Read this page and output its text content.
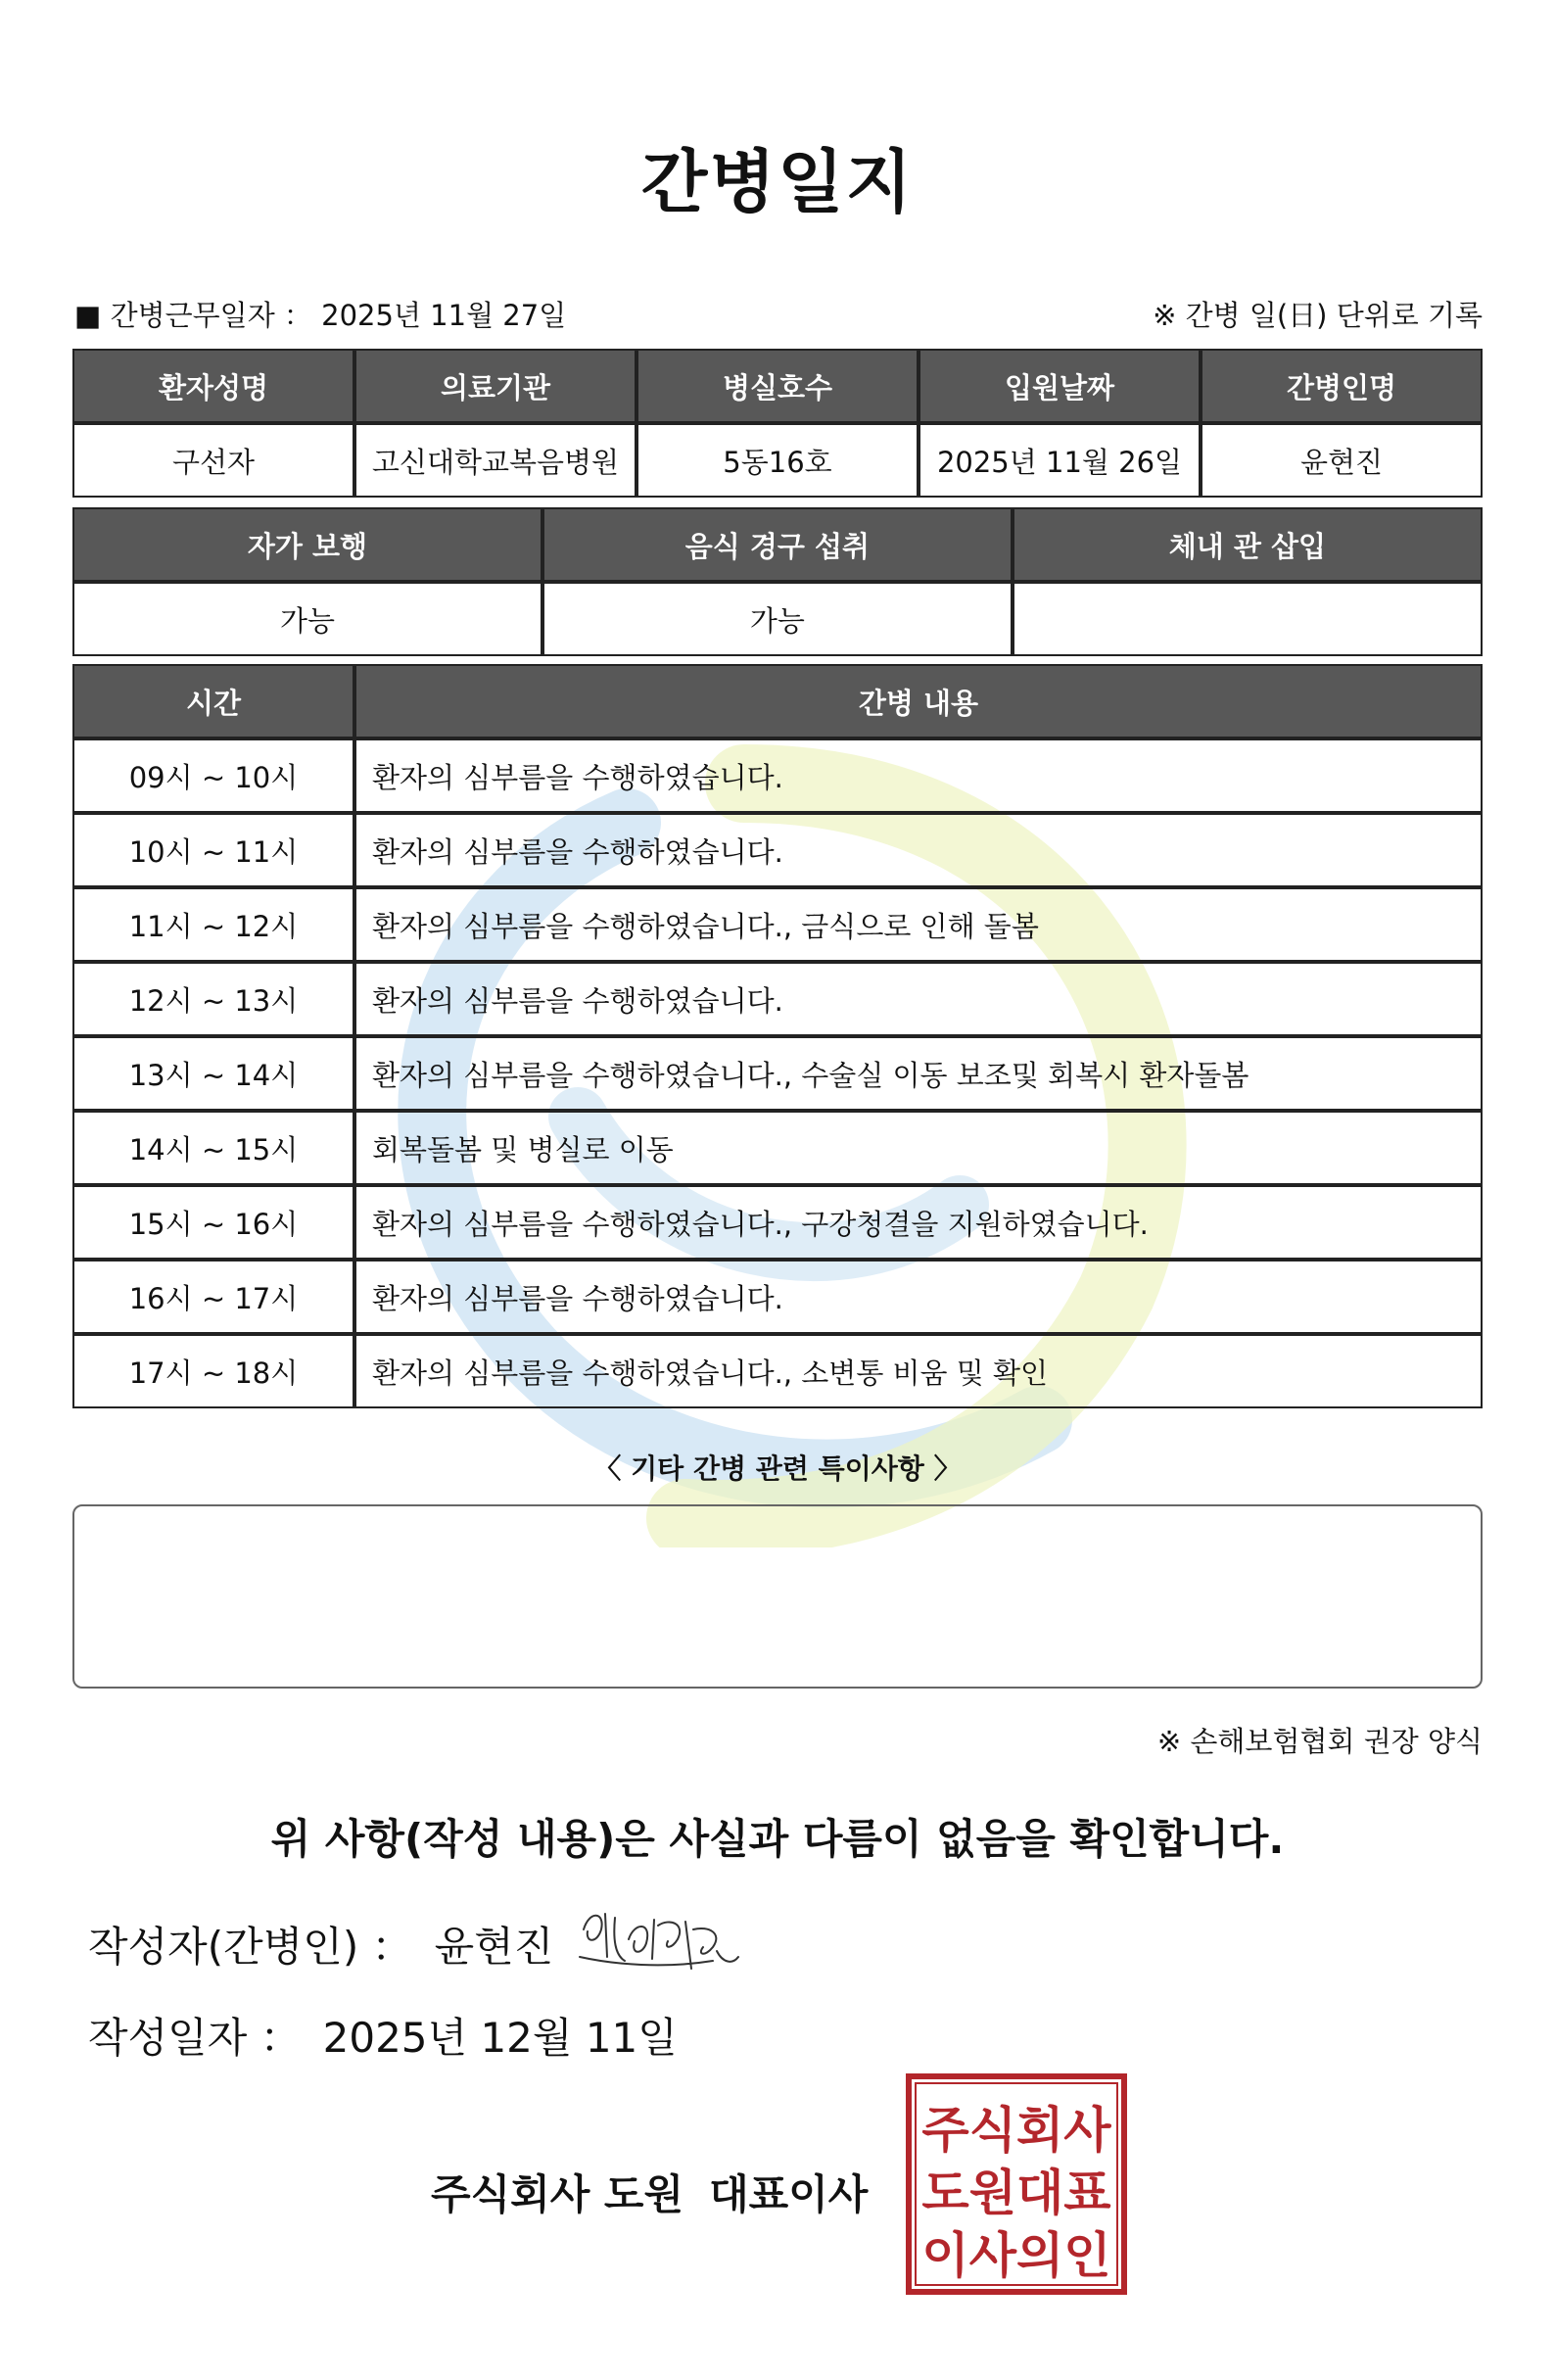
간병일지
■ 간병근무일자 ： 2025년 11월 27일	※ 간병 일(日) 단위로 기록
환자성명	의료기관	병실호수	입원날짜	간병인명
구선자	고신대학교복음병원	5동16호	2025년 11월 26일	윤현진
자가 보행	음식 경구 섭취	체내 관 삽입
가능	가능	
시간	간병 내용
09시 ~ 10시	환자의 심부름을 수행하였습니다.
10시 ~ 11시	환자의 심부름을 수행하였습니다.
11시 ~ 12시	환자의 심부름을 수행하였습니다., 금식으로 인해 돌봄
12시 ~ 13시	환자의 심부름을 수행하였습니다.
13시 ~ 14시	환자의 심부름을 수행하였습니다., 수술실 이동 보조및 회복시 환자돌봄
14시 ~ 15시	회복돌봄 및 병실로 이동
15시 ~ 16시	환자의 심부름을 수행하였습니다., 구강청결을 지원하였습니다.
16시 ~ 17시	환자의 심부름을 수행하였습니다.
17시 ~ 18시	환자의 심부름을 수행하였습니다., 소변통 비움 및 확인
〈 기타 간병 관련 특이사항 〉
※ 손해보험협회 권장 양식
위 사항(작성 내용)은 사실과 다름이 없음을 확인합니다.
작성자(간병인) ： 윤현진
작성일자 ： 2025년 12월 11일
주식회사 도원 대표이사
주식회사
도원대표
이사의인
